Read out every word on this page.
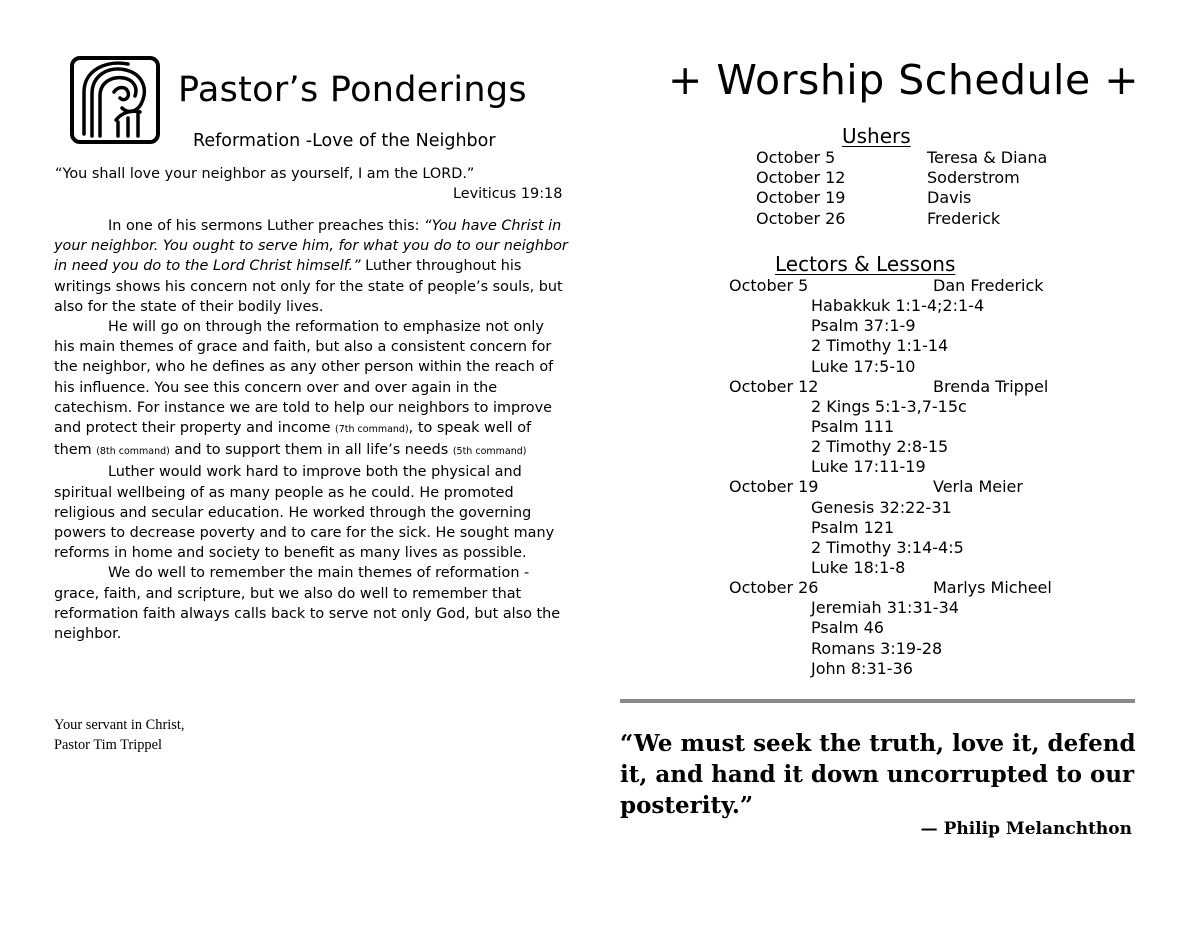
Pastor’s Ponderings
Reformation -Love of the Neighbor
“You shall love your neighbor as yourself, I am the LORD.”
Leviticus 19:18

In one of his sermons Luther preaches this: “You have Christ in your neighbor. You ought to serve him, for what you do to our neighbor in need you do to the Lord Christ himself.” Luther throughout his writings shows his concern not only for the state of people’s souls, but also for the state of their bodily lives.

He will go on through the reformation to emphasize not only his main themes of grace and faith, but also a consistent concern for the neighbor, who he defines as any other person within the reach of his influence. You see this concern over and over again in the catechism. For instance we are told to help our neighbors to improve and protect their property and income (7th command), to speak well of them (8th command) and to support them in all life’s needs (5th command)

Luther would work hard to improve both the physical and spiritual wellbeing of as many people as he could. He promoted religious and secular education. He worked through the governing powers to decrease poverty and to care for the sick. He sought many reforms in home and society to benefit as many lives as possible.

We do well to remember the main themes of reformation - grace, faith, and scripture, but we also do well to remember that reformation faith always calls back to serve not only God, but also the neighbor.

Your servant in Christ,
Pastor Tim Trippel
+ Worship Schedule +
Ushers
October 5	Teresa & Diana
October 12	Soderstrom
October 19	Davis
October 26	Frederick
Lectors & Lessons
October 5	Dan Frederick
Habakkuk 1:1-4;2:1-4
Psalm 37:1-9
2 Timothy 1:1-14
Luke 17:5-10
October 12	Brenda Trippel
2 Kings 5:1-3,7-15c
Psalm 111
2 Timothy 2:8-15
Luke 17:11-19
October 19	Verla Meier
Genesis 32:22-31
Psalm 121
2 Timothy 3:14-4:5
Luke 18:1-8
October 26	Marlys Micheel
Jeremiah 31:31-34
Psalm 46
Romans 3:19-28
John 8:31-36
“We must seek the truth, love it, defend it, and hand it down uncorrupted to our posterity.”
— Philip Melanchthon
